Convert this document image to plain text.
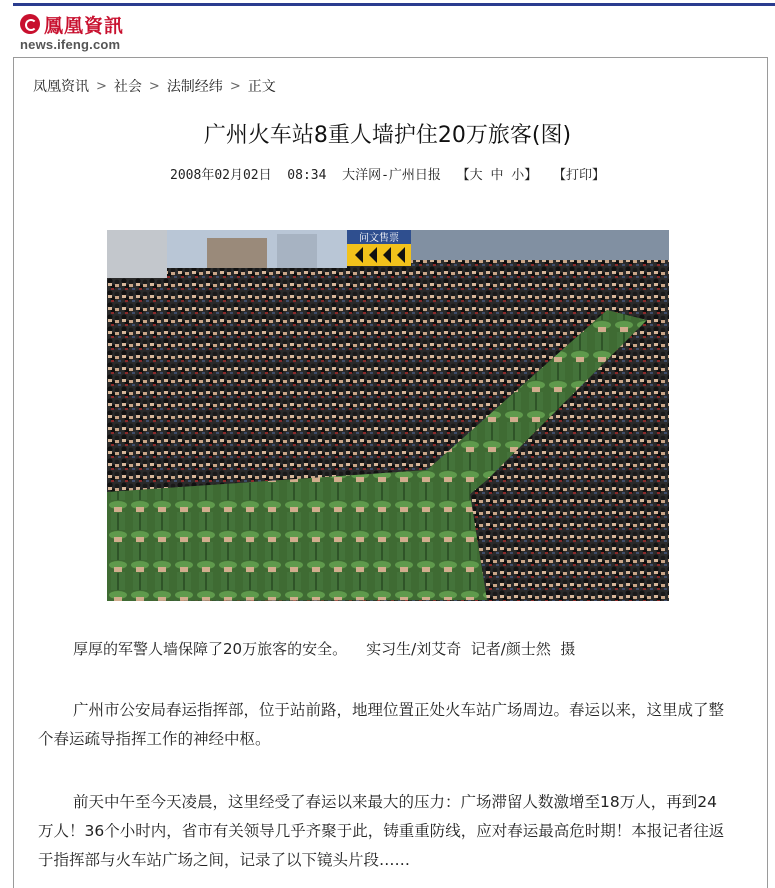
鳳凰資訊
news.ifeng.com
凤凰资讯 > 社会 > 法制经纬 > 正文
广州火车站8重人墙护住20万旅客(图)
2008年02月02日 08:34 大洋网-广州日报 【大 中 小】 【打印】
问文售票
厚厚的军警人墙保障了20万旅客的安全。 实习生/刘艾奇 记者/颜士然 摄
广州市公安局春运指挥部，位于站前路，地理位置正处火车站广场周边。春运以来，这里成了整个春运疏导指挥工作的神经中枢。
前天中午至今天凌晨，这里经受了春运以来最大的压力：广场滞留人数激增至18万人，再到24万人！36个小时内，省市有关领导几乎齐聚于此，铸重重防线，应对春运最高危时期！本报记者往返于指挥部与火车站广场之间，记录了以下镜头片段……
